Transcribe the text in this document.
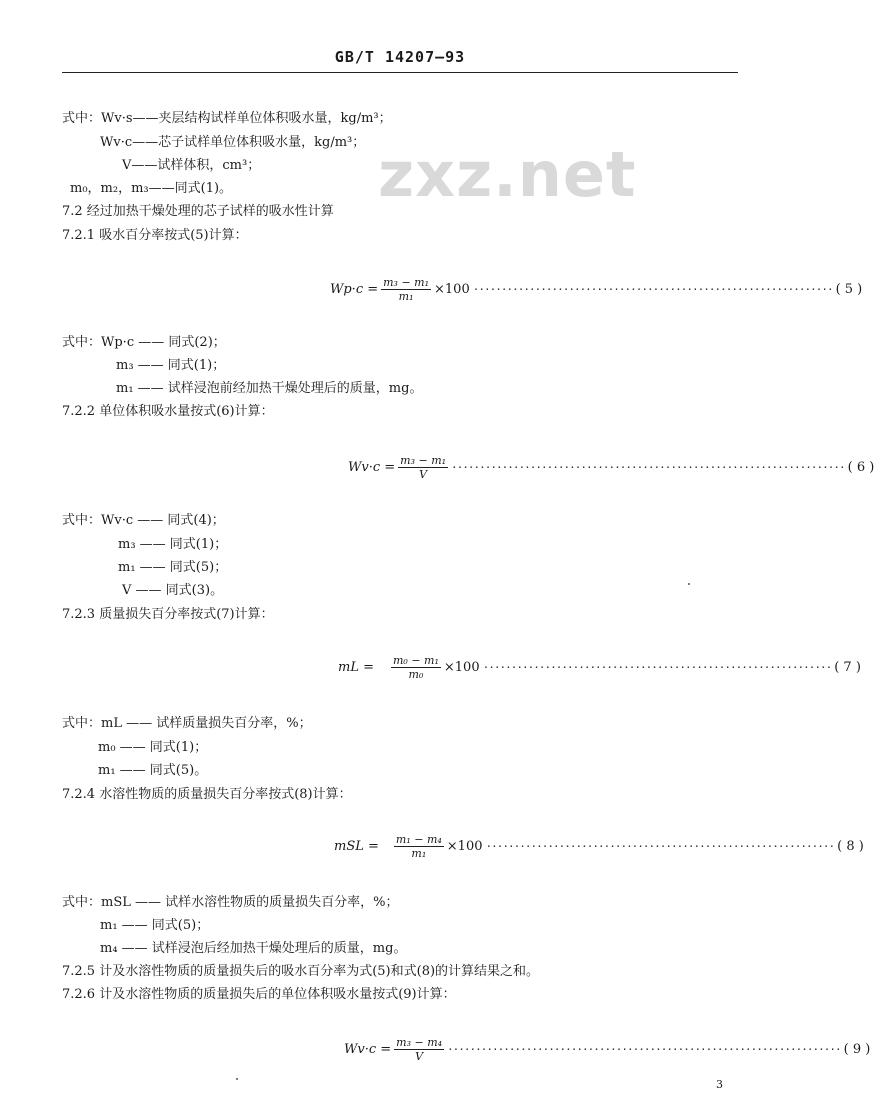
GB/T 14207—93
zxz.net
式中：Wv·s——夹层结构试样单位体积吸水量，kg/m³；
Wv·c——芯子试样单位体积吸水量，kg/m³；
V——试样体积，cm³；
m₀，m₂，m₃——同式(1)。
7.2 经过加热干燥处理的芯子试样的吸水性计算
7.2.1 吸水百分率按式(5)计算：
$Wp\cdot c = \frac{\text{m₃ − m₁}}{\text{m₁}} \times 100$ ································································ ( 5 )
式中：Wp·c —— 同式(2)；
m₃ —— 同式(1)；
m₁ —— 试样浸泡前经加热干燥处理后的质量，mg。
7.2.2 单位体积吸水量按式(6)计算：
$Wv\cdot c = \frac{\text{m₃ − m₁}}{V}$ ······································································ ( 6 )
式中：Wv·c —— 同式(4)；
m₃ —— 同式(1)；
m₁ —— 同式(5)；
V —— 同式(3)。
7.2.3 质量损失百分率按式(7)计算：
mL = $\frac{\text{m₀ − m₁}}{\text{m₀}} \times 100$ ······························································ ( 7 )
式中：mL —— 试样质量损失百分率，%；
m₀ —— 同式(1)；
m₁ —— 同式(5)。
7.2.4 水溶性物质的质量损失百分率按式(8)计算：
mSL = $\frac{\text{m₁ − m₄}}{\text{m₁}} \times 100$ ······························································ ( 8 )
式中：mSL —— 试样水溶性物质的质量损失百分率，%；
m₁ —— 同式(5)；
m₄ —— 试样浸泡后经加热干燥处理后的质量，mg。
7.2.5 计及水溶性物质的质量损失后的吸水百分率为式(5)和式(8)的计算结果之和。
7.2.6 计及水溶性物质的质量损失后的单位体积吸水量按式(9)计算：
$Wv\cdot c = \frac{\text{m₃ − m₄}}{V}$ ······································································ ( 9 )
3
